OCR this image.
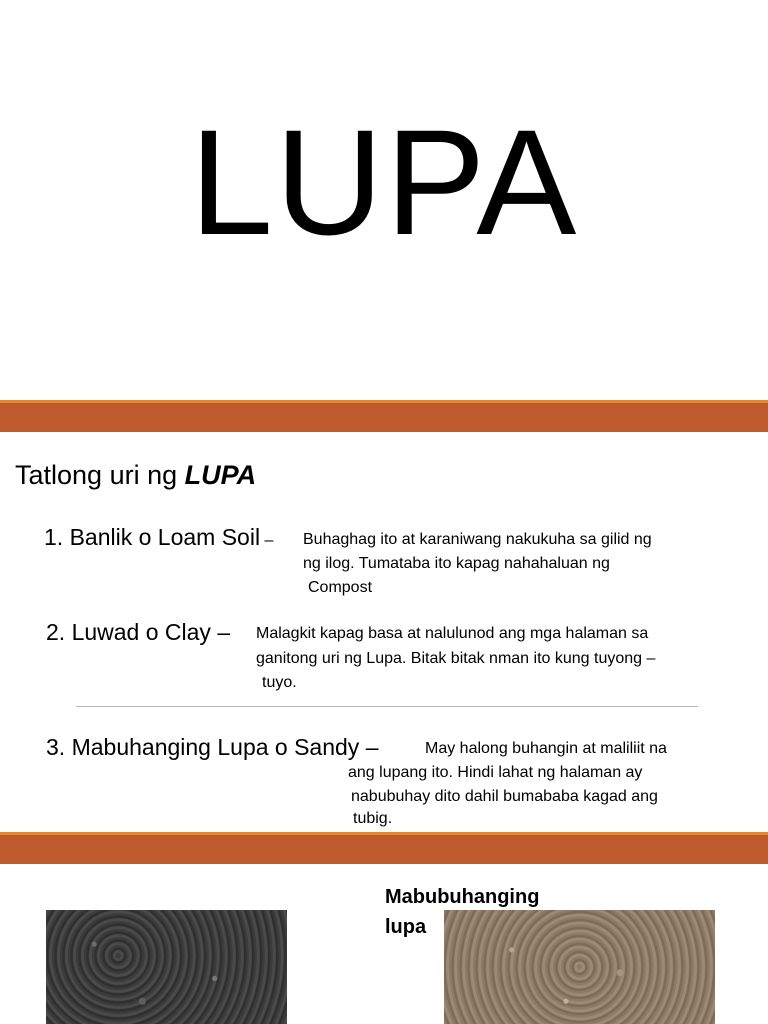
LUPA
Tatlong uri ng LUPA
1. Banlik o Loam Soil – Buhaghag ito at karaniwang nakukuha sa gilid ng
ng ilog. Tumataba ito kapag nahahaluan ng
Compost
2. Luwad o Clay – Malagkit kapag basa at nalulunod ang mga halaman sa
ganitong uri ng Lupa. Bitak bitak nman ito kung tuyong –
tuyo.
3. Mabuhanging Lupa o Sandy –	May halong buhangin at maliliit na
ang lupang ito. Hindi lahat ng halaman ay
nabubuhay dito dahil bumababa kagad ang
tubig.
Mabubuhanging
lupa
